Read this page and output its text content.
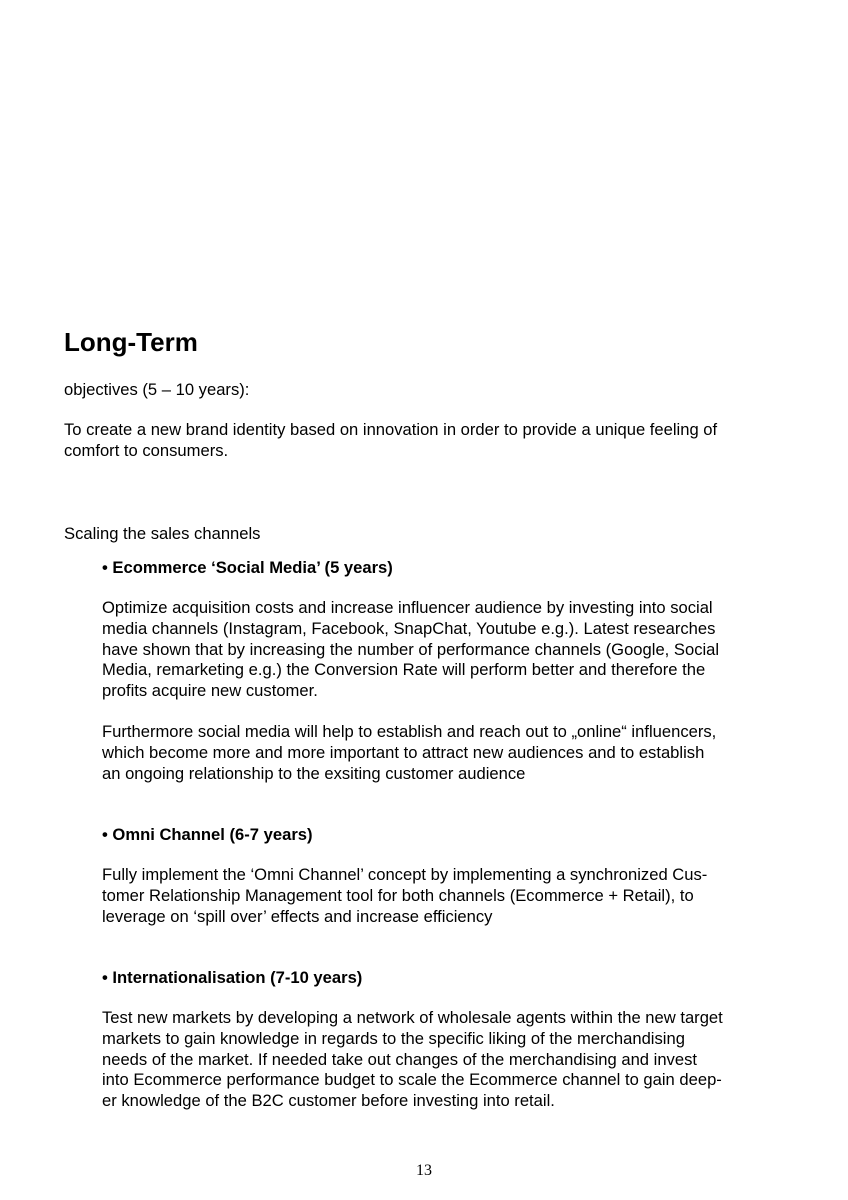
Long-Term

objectives (5 – 10 years):

To create a new brand identity based on innovation in order to provide a unique feeling of
comfort to consumers.

Scaling the sales channels

• Ecommerce ‘Social Media’ (5 years)

Optimize acquisition costs and increase influencer audience by investing into social
media channels (Instagram, Facebook, SnapChat, Youtube e.g.). Latest researches
have shown that by increasing the number of performance channels (Google, Social
Media, remarketing e.g.) the Conversion Rate will perform better and therefore the
profits acquire new customer.

Furthermore social media will help to establish and reach out to „online“ influencers,
which become more and more important to attract new audiences and to establish
an ongoing relationship to the exsiting customer audience

• Omni Channel (6-7 years)

Fully implement the ‘Omni Channel’ concept by implementing a synchronized Cus-
tomer Relationship Management tool for both channels (Ecommerce + Retail), to
leverage on ‘spill over’ effects and increase efficiency

• Internationalisation (7-10 years)

Test new markets by developing a network of wholesale agents within the new target
markets to gain knowledge in regards to the specific liking of the merchandising
needs of the market. If needed take out changes of the merchandising and invest
into Ecommerce performance budget to scale the Ecommerce channel to gain deep-
er knowledge of the B2C customer before investing into retail.

13
